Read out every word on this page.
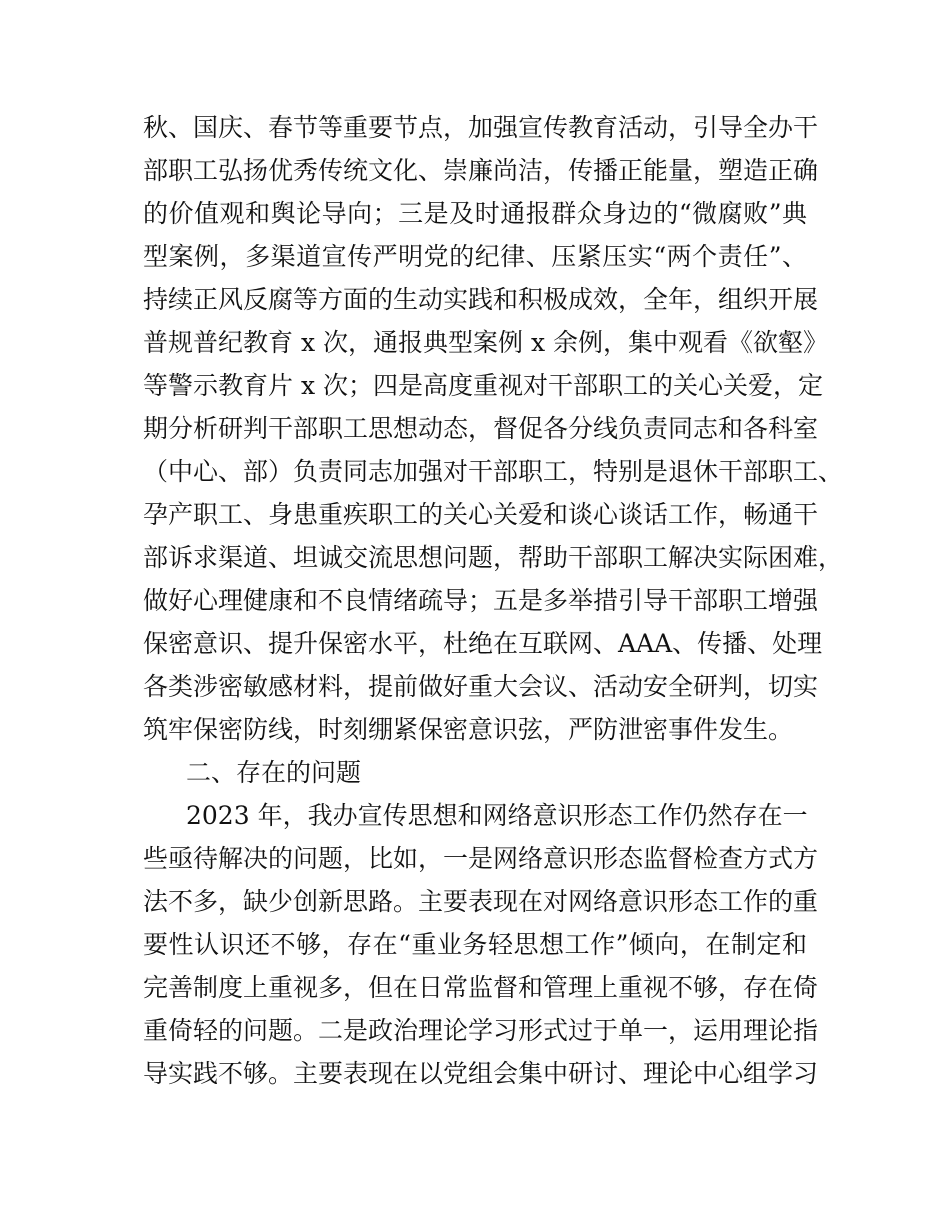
秋、国庆、春节等重要节点，加强宣传教育活动，引导全办干
部职工弘扬优秀传统文化、崇廉尚洁，传播正能量，塑造正确
的价值观和舆论导向；三是及时通报群众身边的“微腐败”典
型案例，多渠道宣传严明党的纪律、压紧压实“两个责任”、
持续正风反腐等方面的生动实践和积极成效，全年，组织开展
普规普纪教育 x 次，通报典型案例 x 余例，集中观看《欲壑》
等警示教育片 x 次；四是高度重视对干部职工的关心关爱，定
期分析研判干部职工思想动态，督促各分线负责同志和各科室
（中心、部）负责同志加强对干部职工，特别是退休干部职工、
孕产职工、身患重疾职工的关心关爱和谈心谈话工作，畅通干
部诉求渠道、坦诚交流思想问题，帮助干部职工解决实际困难，
做好心理健康和不良情绪疏导；五是多举措引导干部职工增强
保密意识、提升保密水平，杜绝在互联网、AAA、传播、处理
各类涉密敏感材料，提前做好重大会议、活动安全研判，切实
筑牢保密防线，时刻绷紧保密意识弦，严防泄密事件发生。
二、存在的问题
2023 年，我办宣传思想和网络意识形态工作仍然存在一
些亟待解决的问题，比如，一是网络意识形态监督检查方式方
法不多，缺少创新思路。主要表现在对网络意识形态工作的重
要性认识还不够，存在“重业务轻思想工作”倾向，在制定和
完善制度上重视多，但在日常监督和管理上重视不够，存在倚
重倚轻的问题。二是政治理论学习形式过于单一，运用理论指
导实践不够。主要表现在以党组会集中研讨、理论中心组学习
